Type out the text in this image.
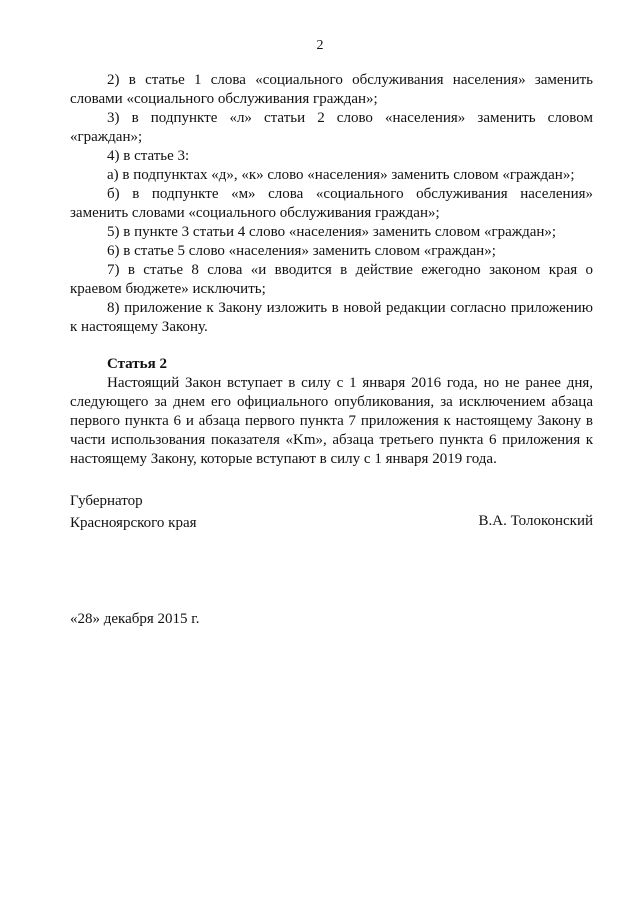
2

2) в статье 1 слова «социального обслуживания населения» заменить словами «социального обслуживания граждан»;

3) в подпункте «л» статьи 2 слово «населения» заменить словом «граждан»;

4) в статье 3:

а) в подпунктах «д», «к» слово «населения» заменить словом «граждан»;

б) в подпункте «м» слова «социального обслуживания населения» заменить словами «социального обслуживания граждан»;

5) в пункте 3 статьи 4 слово «населения» заменить словом «граждан»;

6) в статье 5 слово «населения» заменить словом «граждан»;

7) в статье 8 слова «и вводится в действие ежегодно законом края о краевом бюджете» исключить;

8) приложение к Закону изложить в новой редакции согласно приложению к настоящему Закону.

Статья 2

Настоящий Закон вступает в силу с 1 января 2016 года, но не ранее дня, следующего за днем его официального опубликования, за исключением абзаца первого пункта 6 и абзаца первого пункта 7 приложения к настоящему Закону в части использования показателя «Km», абзаца третьего пункта 6 приложения к настоящему Закону, которые вступают в силу с 1 января 2019 года.

Губернатор
Красноярского края	В.А. Толоконский
«28» декабря 2015 г.
